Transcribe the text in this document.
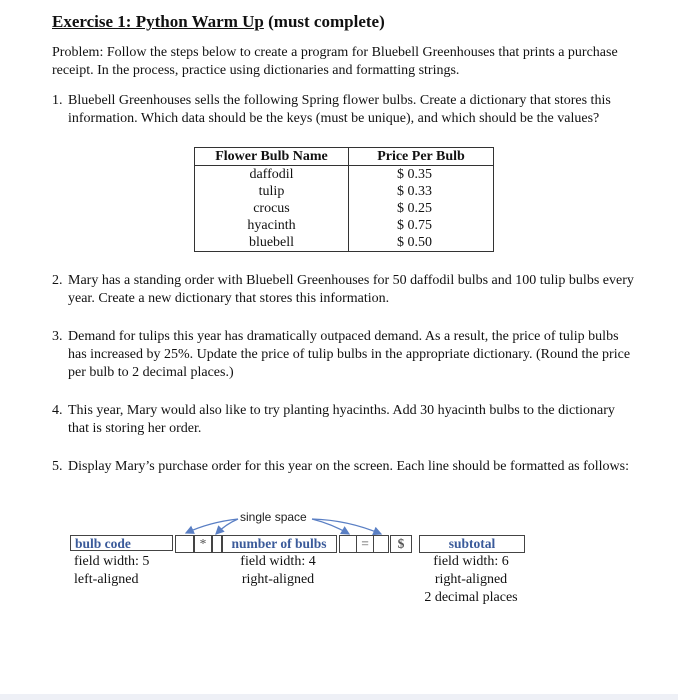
Exercise 1: Python Warm Up (must complete)
Problem: Follow the steps below to create a program for Bluebell Greenhouses that prints a purchase receipt. In the process, practice using dictionaries and formatting strings.
1. Bluebell Greenhouses sells the following Spring flower bulbs. Create a dictionary that stores this information. Which data should be the keys (must be unique), and which should be the values?
Flower Bulb Name	Price Per Bulb
daffodil	$ 0.35
tulip	$ 0.33
crocus	$ 0.25
hyacinth	$ 0.75
bluebell	$ 0.50
2. Mary has a standing order with Bluebell Greenhouses for 50 daffodil bulbs and 100 tulip bulbs every year. Create a new dictionary that stores this information.
3. Demand for tulips this year has dramatically outpaced demand. As a result, the price of tulip bulbs has increased by 25%. Update the price of tulip bulbs in the appropriate dictionary. (Round the price per bulb to 2 decimal places.)
4. This year, Mary would also like to try planting hyacinths. Add 30 hyacinth bulbs to the dictionary that is storing her order.
5. Display Mary’s purchase order for this year on the screen. Each line should be formatted as follows:
single space
bulb code	*	number of bulbs	=	$	subtotal
field width: 5
left-aligned
field width: 4
right-aligned
field width: 6
right-aligned
2 decimal places
